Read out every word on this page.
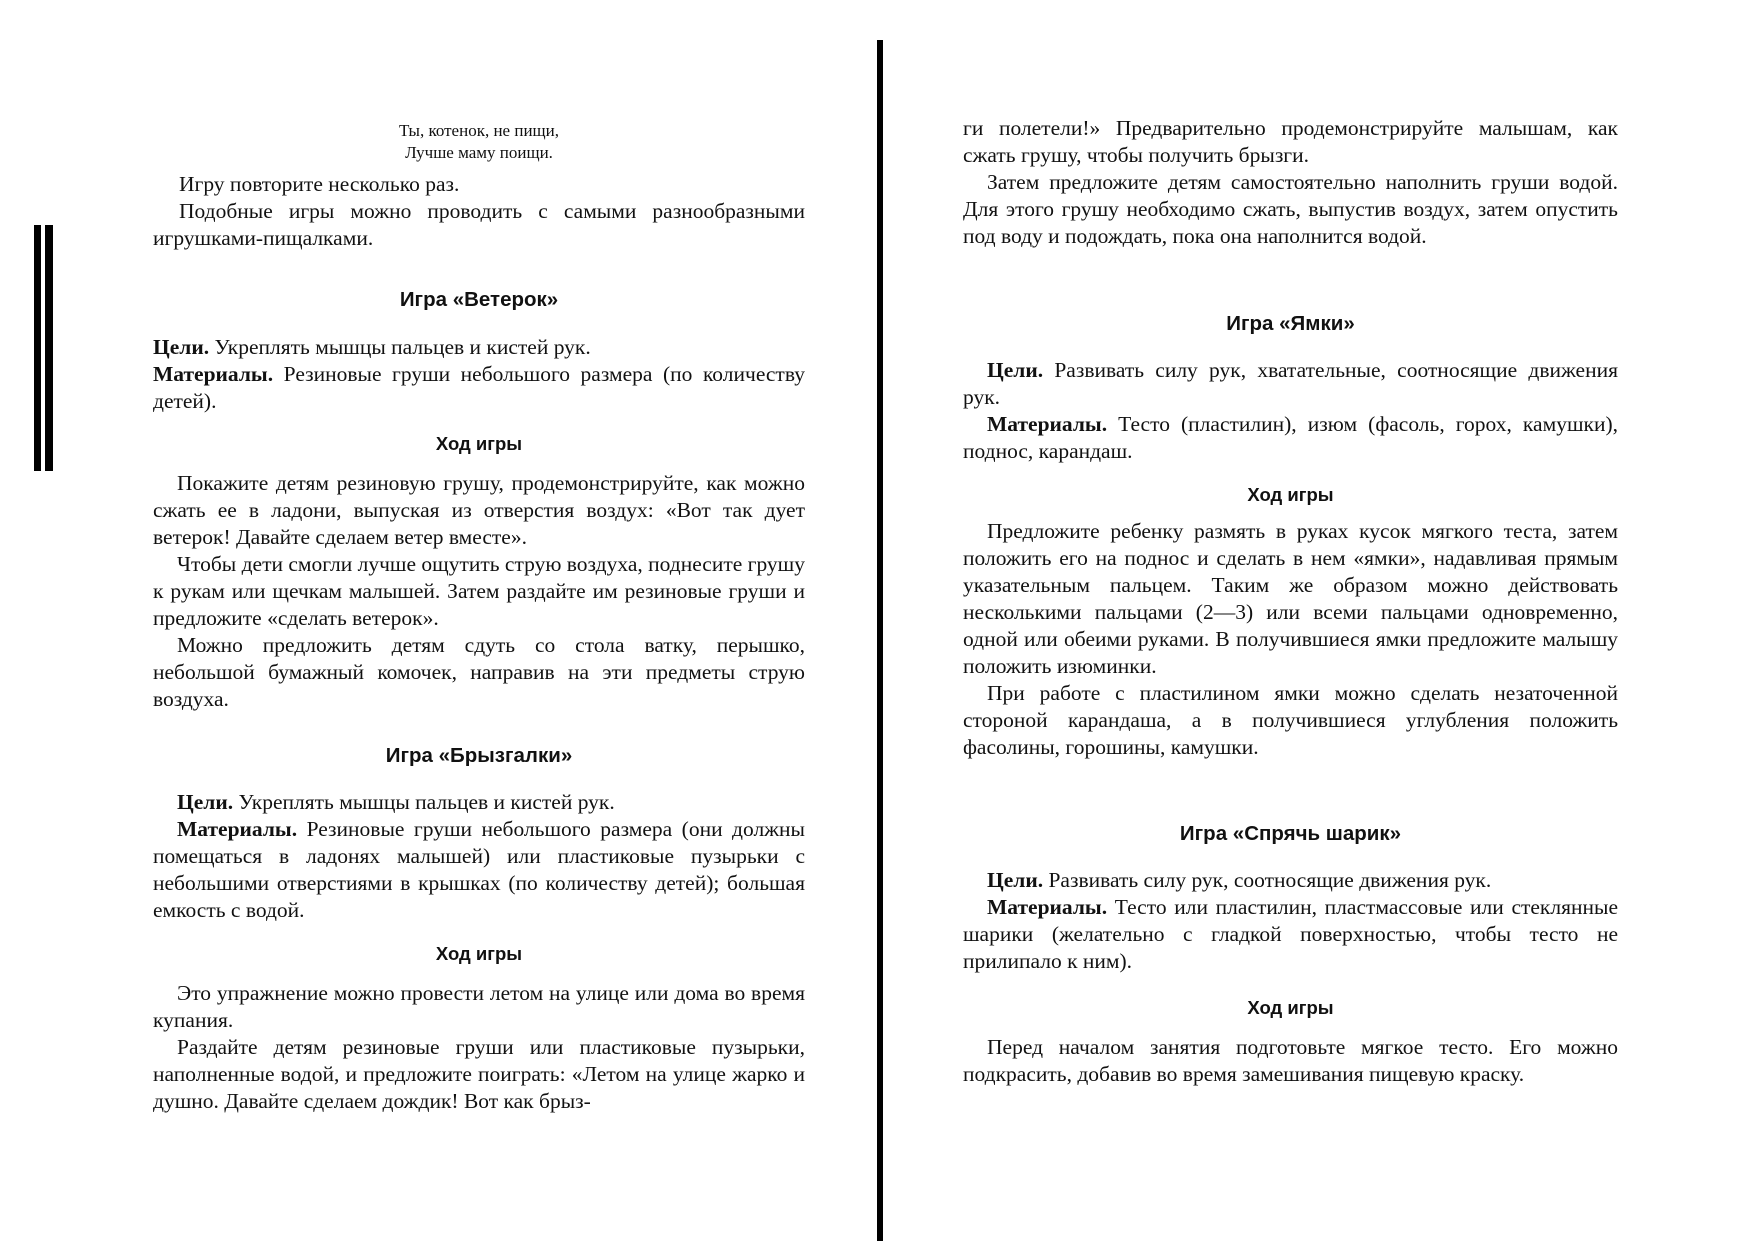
Ты, котенок, не пищи,

Лучше маму поищи.

Игру повторите несколько раз.

Подобные игры можно проводить с самыми разнообразными игрушками-пищалками.

Игра «Ветерок»

Цели. Укреплять мышцы пальцев и кистей рук.

Материалы. Резиновые груши небольшого размера (по количеству детей).

Ход игры

Покажите детям резиновую грушу, продемонстрируйте, как можно сжать ее в ладони, выпуская из отверстия воздух: «Вот так дует ветерок! Давайте сделаем ветер вместе».

Чтобы дети смогли лучше ощутить струю воздуха, поднесите грушу к рукам или щечкам малышей. Затем раздайте им резиновые груши и предложите «сделать ветерок».

Можно предложить детям сдуть со стола ватку, перышко, небольшой бумажный комочек, направив на эти предметы струю воздуха.

Игра «Брызгалки»

Цели. Укреплять мышцы пальцев и кистей рук.

Материалы. Резиновые груши небольшого размера (они должны помещаться в ладонях малышей) или пластиковые пузырьки с небольшими отверстиями в крышках (по количеству детей); большая емкость с водой.

Ход игры

Это упражнение можно провести летом на улице или дома во время купания.

Раздайте детям резиновые груши или пластиковые пузырьки, наполненные водой, и предложите поиграть: «Летом на улице жарко и душно. Давайте сделаем дождик! Вот как брыз-

ги полетели!» Предварительно продемонстрируйте малышам, как сжать грушу, чтобы получить брызги.

Затем предложите детям самостоятельно наполнить груши водой. Для этого грушу необходимо сжать, выпустив воздух, затем опустить под воду и подождать, пока она наполнится водой.

Игра «Ямки»

Цели. Развивать силу рук, хватательные, соотносящие движения рук.

Материалы. Тесто (пластилин), изюм (фасоль, горох, камушки), поднос, карандаш.

Ход игры

Предложите ребенку размять в руках кусок мягкого теста, затем положить его на поднос и сделать в нем «ямки», надавливая прямым указательным пальцем. Таким же образом можно действовать несколькими пальцами (2—3) или всеми пальцами одновременно, одной или обеими руками. В получившиеся ямки предложите малышу положить изюминки.

При работе с пластилином ямки можно сделать незаточенной стороной карандаша, а в получившиеся углубления положить фасолины, горошины, камушки.

Игра «Спрячь шарик»

Цели. Развивать силу рук, соотносящие движения рук.

Материалы. Тесто или пластилин, пластмассовые или стеклянные шарики (желательно с гладкой поверхностью, чтобы тесто не прилипало к ним).

Ход игры

Перед началом занятия подготовьте мягкое тесто. Его можно подкрасить, добавив во время замешивания пищевую краску.
